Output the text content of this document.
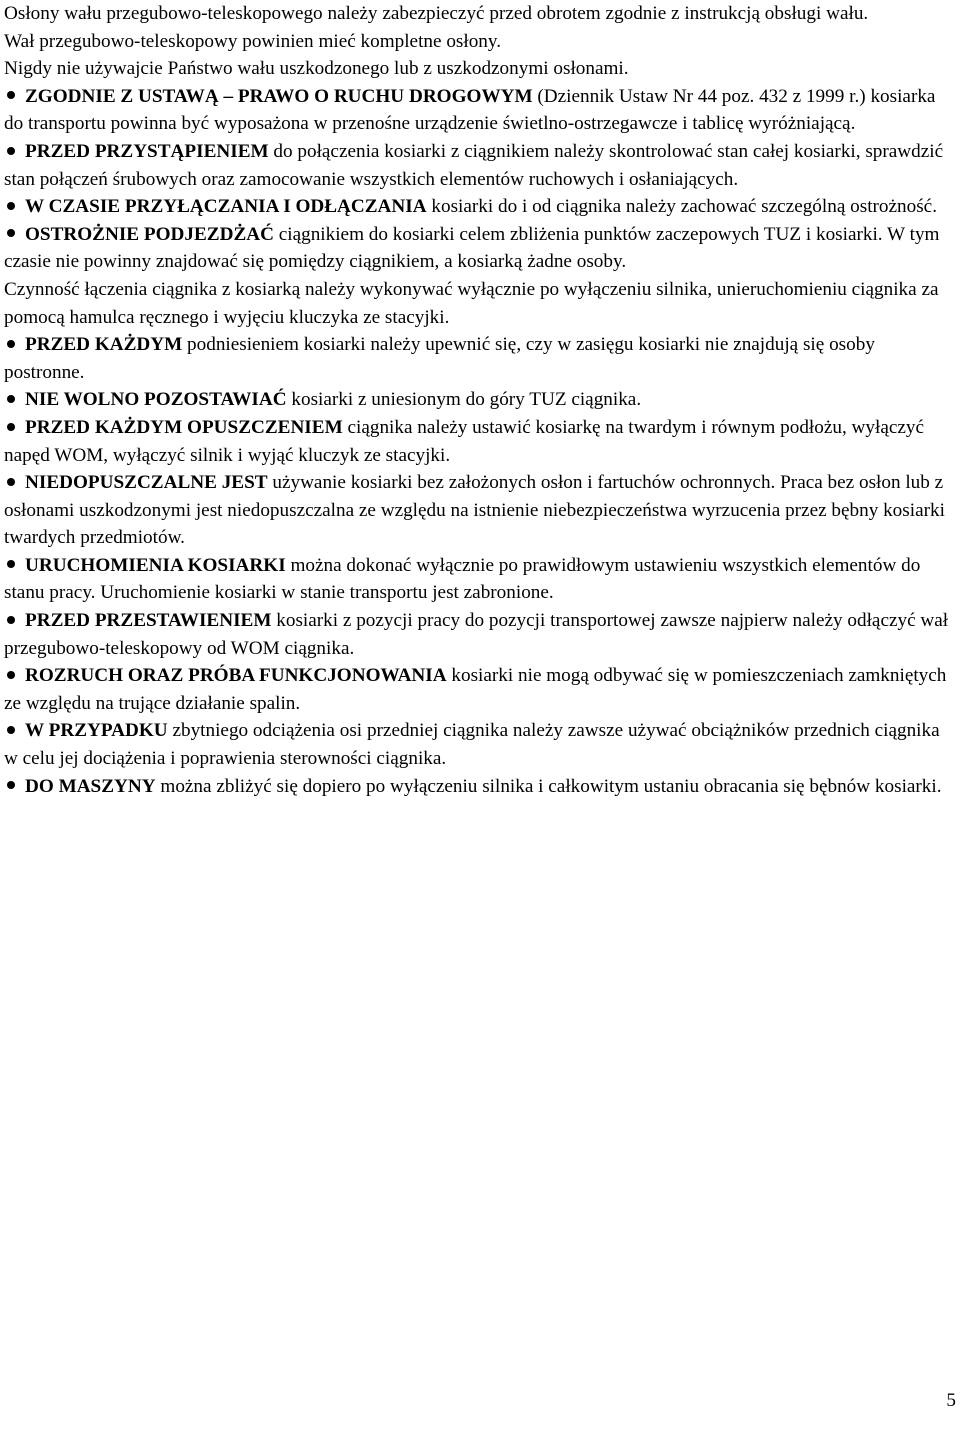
Osłony wału przegubowo-teleskopowego należy zabezpieczyć przed obrotem zgodnie z instrukcją obsługi wału.

Wał przegubowo-teleskopowy powinien mieć kompletne osłony.

Nigdy nie używajcie Państwo wału uszkodzonego lub z uszkodzonymi osłonami.

ZGODNIE Z USTAWĄ – PRAWO O RUCHU DROGOWYM (Dziennik Ustaw Nr 44 poz. 432 z 1999 r.) kosiarka do transportu powinna być wyposażona w przenośne urządzenie świetlno-ostrzegawcze i tablicę wyróżniającą.

PRZED PRZYSTĄPIENIEM do połączenia kosiarki z ciągnikiem należy skontrolować stan całej kosiarki, sprawdzić stan połączeń śrubowych oraz zamocowanie wszystkich elementów ruchowych i osłaniających.

W CZASIE PRZYŁĄCZANIA I ODŁĄCZANIA kosiarki do i od ciągnika należy zachować szczególną ostrożność.

OSTROŻNIE PODJEZDŻAĆ ciągnikiem do kosiarki celem zbliżenia punktów zaczepowych TUZ i kosiarki. W tym czasie nie powinny znajdować się pomiędzy ciągnikiem, a kosiarką żadne osoby.

Czynność łączenia ciągnika z kosiarką należy wykonywać wyłącznie po wyłączeniu silnika, unieruchomieniu ciągnika za pomocą hamulca ręcznego i wyjęciu kluczyka ze stacyjki.

PRZED KAŻDYM podniesieniem kosiarki należy upewnić się, czy w zasięgu kosiarki nie znajdują się osoby postronne.

NIE WOLNO POZOSTAWIAĆ kosiarki z uniesionym do góry TUZ ciągnika.

PRZED KAŻDYM OPUSZCZENIEM ciągnika należy ustawić kosiarkę na twardym i równym podłożu, wyłączyć napęd WOM, wyłączyć silnik i wyjąć kluczyk ze stacyjki.

NIEDOPUSZCZALNE JEST używanie kosiarki bez założonych osłon i fartuchów ochronnych. Praca bez osłon lub z osłonami uszkodzonymi jest niedopuszczalna ze względu na istnienie niebezpieczeństwa wyrzucenia przez bębny kosiarki twardych przedmiotów.

URUCHOMIENIA KOSIARKI można dokonać wyłącznie po prawidłowym ustawieniu wszystkich elementów do stanu pracy. Uruchomienie kosiarki w stanie transportu jest zabronione.

PRZED PRZESTAWIENIEM kosiarki z pozycji pracy do pozycji transportowej zawsze najpierw należy odłączyć wał przegubowo-teleskopowy od WOM ciągnika.

ROZRUCH ORAZ PRÓBA FUNKCJONOWANIA kosiarki nie mogą odbywać się w pomieszczeniach zamkniętych ze względu na trujące działanie spalin.

W PRZYPADKU zbytniego odciążenia osi przedniej ciągnika należy zawsze używać obciążników przednich ciągnika w celu jej dociążenia i poprawienia sterowności ciągnika.

DO MASZYNY można zbliżyć się dopiero po wyłączeniu silnika i całkowitym ustaniu obracania się bębnów kosiarki.

5
